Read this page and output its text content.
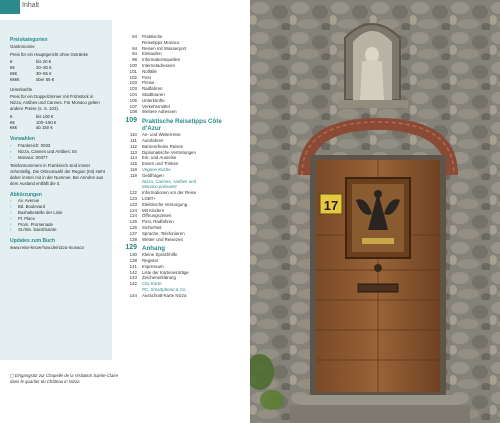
Inhalt
Preiskategorien
Gastronomie
Preis für ein Hauptgericht ohne Getränke
€	bis 20 €
€€	20–30 €
€€€	30–55 €
€€€€	über 55 €
Unterkünfte
Preis für ein Doppelzimmer mit Frühstück in Nizza, Antibes und Cannes. Für Monaco gelten andere Preise (s. S. 103).
€	bis 100 €
€€	100–150 €
€€€	ab 150 €
Vorwahlen
›	Frankreich: 0033
›	Nizza, Cannes und Antibes: 04
›	Monaco: 00377
Telefonnummern in Frankreich sind immer zehnstellig. Die Ortsvorwahl der Region (04) steht daher immer mit in der Nummer. Bei Anrufen aus dem Ausland entfällt die 0.
Abkürzungen
›	Av. Avenue
›	Bd. Boulevard
›	Bushaltestelle der Linie
›	Pl. Place
›	Prom. Promenade
›	St./Ste. Saint/Sainte
Updates zum Buch
www.reise-know-how.de/nizza-monaco
◻ Eingangstür zur Chapelle de la Visitation Sainte-Claire dans le quartier du Château in Nizza
94	Praktische
Reisetipps Monaco
94	Reisen mit Wasserport
94	Einkaufen
98	Informationsquellen
100	Internetadressen
101	Notfälle
102	Post
103	Preise
103	Radfahren
104	Stadttouren
105	Unterkünfte
107	Verkehrsmittel
108	Weitere Adressen
109 Praktische Reisetipps Côte d'Azur
110	An- und Weiterreise
111	Autofahren
112	Barrierefreies Reisen
113	Diplomatische Vertretungen
114	Ein- und Ausreise
115	Essen und Trinken
118	Vegane Küche
119	Geldfragen
Nizza, Cannes, Antibes und
Monaco preiswert
122	Informationen vor der Reise
123	LGBT+
123	Elektrische Versorgung
124	Mit Kindern
124	Öffnungszeiten
125	Post, Radfahren
126	Sicherheit
127	Sprache, Telefonieren
128	Wetter und Reisezeit
129 Anhang
130	Kleine Sprachhilfe
138	Register
141	Impressum
142	Liste der Karteneinträge
143	Zeichenerklärung
142	City-Karte
PC, Smartphone & Co.
144	Ausschnitt-Karte Nizza
17
